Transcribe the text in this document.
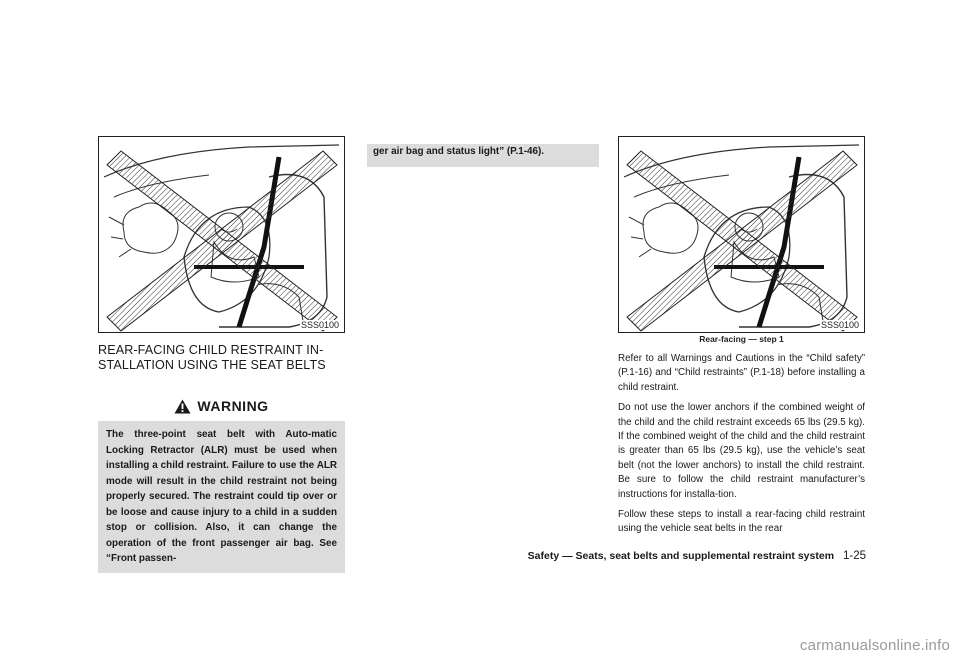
SSS0100
REAR-FACING CHILD RESTRAINT IN-
STALLATION USING THE SEAT BELTS
WARNING

The three-point seat belt with Auto-matic Locking Retractor (ALR) must be used when installing a child restraint. Failure to use the ALR mode will result in the child restraint not being properly secured. The restraint could tip over or be loose and cause injury to a child in a sudden stop or collision. Also, it can change the operation of the front passenger air bag. See “Front passen-

ger air bag and status light” (P.1-46).

SSS0100
Rear-facing — step 1

Refer to all Warnings and Cautions in the “Child safety” (P.1-16) and “Child restraints” (P.1-18) before installing a child restraint.

Do not use the lower anchors if the combined weight of the child and the child restraint exceeds 65 lbs (29.5 kg). If the combined weight of the child and the child restraint is greater than 65 lbs (29.5 kg), use the vehicle’s seat belt (not the lower anchors) to install the child restraint. Be sure to follow the child restraint manufacturer’s instructions for installa-tion.

Follow these steps to install a rear-facing child restraint using the vehicle seat belts in the rear

Safety — Seats, seat belts and supplemental restraint system 1-25
carmanualsonline.info
